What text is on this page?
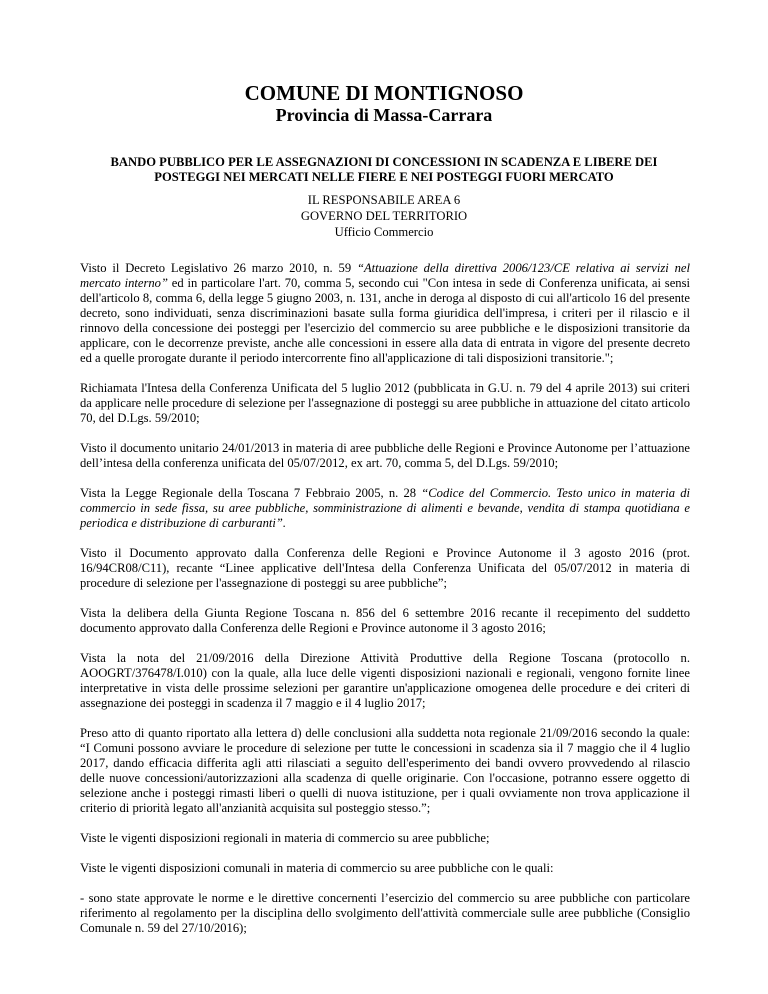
COMUNE DI MONTIGNOSO
Provincia di Massa-Carrara
BANDO PUBBLICO PER LE ASSEGNAZIONI DI CONCESSIONI IN SCADENZA E LIBERE DEI POSTEGGI NEI MERCATI NELLE FIERE E NEI POSTEGGI FUORI MERCATO
IL RESPONSABILE AREA 6
GOVERNO DEL TERRITORIO
Ufficio Commercio

Visto il Decreto Legislativo 26 marzo 2010, n. 59 “Attuazione della direttiva 2006/123/CE relativa ai servizi nel mercato interno” ed in particolare l'art. 70, comma 5, secondo cui "Con intesa in sede di Conferenza unificata, ai sensi dell'articolo 8, comma 6, della legge 5 giugno 2003, n. 131, anche in deroga al disposto di cui all'articolo 16 del presente decreto, sono individuati, senza discriminazioni basate sulla forma giuridica dell'impresa, i criteri per il rilascio e il rinnovo della concessione dei posteggi per l'esercizio del commercio su aree pubbliche e le disposizioni transitorie da applicare, con le decorrenze previste, anche alle concessioni in essere alla data di entrata in vigore del presente decreto ed a quelle prorogate durante il periodo intercorrente fino all'applicazione di tali disposizioni transitorie.";

Richiamata l'Intesa della Conferenza Unificata del 5 luglio 2012 (pubblicata in G.U. n. 79 del 4 aprile 2013) sui criteri da applicare nelle procedure di selezione per l'assegnazione di posteggi su aree pubbliche in attuazione del citato articolo 70, del D.Lgs. 59/2010;

Visto il documento unitario 24/01/2013 in materia di aree pubbliche delle Regioni e Province Autonome per l’attuazione dell’intesa della conferenza unificata del 05/07/2012, ex art. 70, comma 5, del D.Lgs. 59/2010;

Vista la Legge Regionale della Toscana 7 Febbraio 2005, n. 28 “Codice del Commercio. Testo unico in materia di commercio in sede fissa, su aree pubbliche, somministrazione di alimenti e bevande, vendita di stampa quotidiana e periodica e distribuzione di carburanti”.

Visto il Documento approvato dalla Conferenza delle Regioni e Province Autonome il 3 agosto 2016 (prot. 16/94CR08/C11), recante “Linee applicative dell'Intesa della Conferenza Unificata del 05/07/2012 in materia di procedure di selezione per l'assegnazione di posteggi su aree pubbliche”;

Vista la delibera della Giunta Regione Toscana n. 856 del 6 settembre 2016 recante il recepimento del suddetto documento approvato dalla Conferenza delle Regioni e Province autonome il 3 agosto 2016;

Vista la nota del 21/09/2016 della Direzione Attività Produttive della Regione Toscana (protocollo n. AOOGRT/376478/I.010) con la quale, alla luce delle vigenti disposizioni nazionali e regionali, vengono fornite linee interpretative in vista delle prossime selezioni per garantire un'applicazione omogenea delle procedure e dei criteri di assegnazione dei posteggi in scadenza il 7 maggio e il 4 luglio 2017;

Preso atto di quanto riportato alla lettera d) delle conclusioni alla suddetta nota regionale 21/09/2016 secondo la quale: “I Comuni possono avviare le procedure di selezione per tutte le concessioni in scadenza sia il 7 maggio che il 4 luglio 2017, dando efficacia differita agli atti rilasciati a seguito dell'esperimento dei bandi ovvero provvedendo al rilascio delle nuove concessioni/autorizzazioni alla scadenza di quelle originarie. Con l'occasione, potranno essere oggetto di selezione anche i posteggi rimasti liberi o quelli di nuova istituzione, per i quali ovviamente non trova applicazione il criterio di priorità legato all'anzianità acquisita sul posteggio stesso.”;

Viste le vigenti disposizioni regionali in materia di commercio su aree pubbliche;

Viste le vigenti disposizioni comunali in materia di commercio su aree pubbliche con le quali:

- sono state approvate le norme e le direttive concernenti l’esercizio del commercio su aree pubbliche con particolare riferimento al regolamento per la disciplina dello svolgimento dell'attività commerciale sulle aree pubbliche (Consiglio Comunale n. 59 del 27/10/2016);
